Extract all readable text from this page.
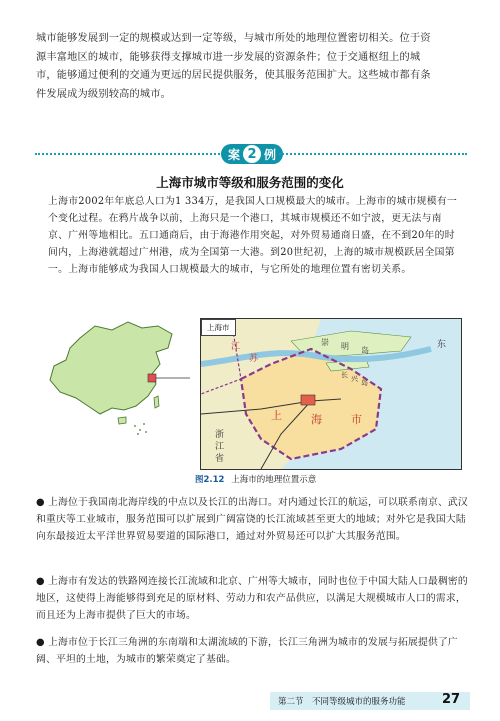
城市能够发展到一定的规模或达到一定等级，与城市所处的地理位置密切相关。位于资源丰富地区的城市，能够获得支撑城市进一步发展的资源条件；位于交通枢纽上的城市，能够通过便利的交通为更远的居民提供服务，使其服务范围扩大。这些城市都有条件发展成为级别较高的城市。
案 2 例
上海市城市等级和服务范围的变化
上海市2002年年底总人口为1 334万，是我国人口规模最大的城市。上海市的城市规模有一个变化过程。在鸦片战争以前，上海只是一个港口，其城市规模还不如宁波，更无法与南京、广州等地相比。五口通商后，由于海港作用突起，对外贸易通商日盛，在不到20年的时间内，上海港就超过广州港，成为全国第一大港。到20世纪初，上海的城市规模跃居全国第一。上海市能够成为我国人口规模最大的城市，与它所处的地理位置有密切关系。
江
苏
崇 明 岛
长 兴 岛
东
上	海	市
浙
江
省
上海市
图2.12 上海市的地理位置示意
● 上海位于我国南北海岸线的中点以及长江的出海口。对内通过长江的航运，可以联系南京、武汉和重庆等工业城市，服务范围可以扩展到广阔富饶的长江流域甚至更大的地域；对外它是我国大陆向东最接近太平洋世界贸易要道的国际港口，通过对外贸易还可以扩大其服务范围。
● 上海市有发达的铁路网连接长江流域和北京、广州等大城市，同时也位于中国大陆人口最稠密的地区，这使得上海能够得到充足的原材料、劳动力和农产品供应，以满足大规模城市人口的需求，而且还为上海市提供了巨大的市场。
● 上海市位于长江三角洲的东南端和太湖流域的下游，长江三角洲为城市的发展与拓展提供了广阔、平坦的土地，为城市的繁荣奠定了基础。
第二节　不同等级城市的服务功能	27
